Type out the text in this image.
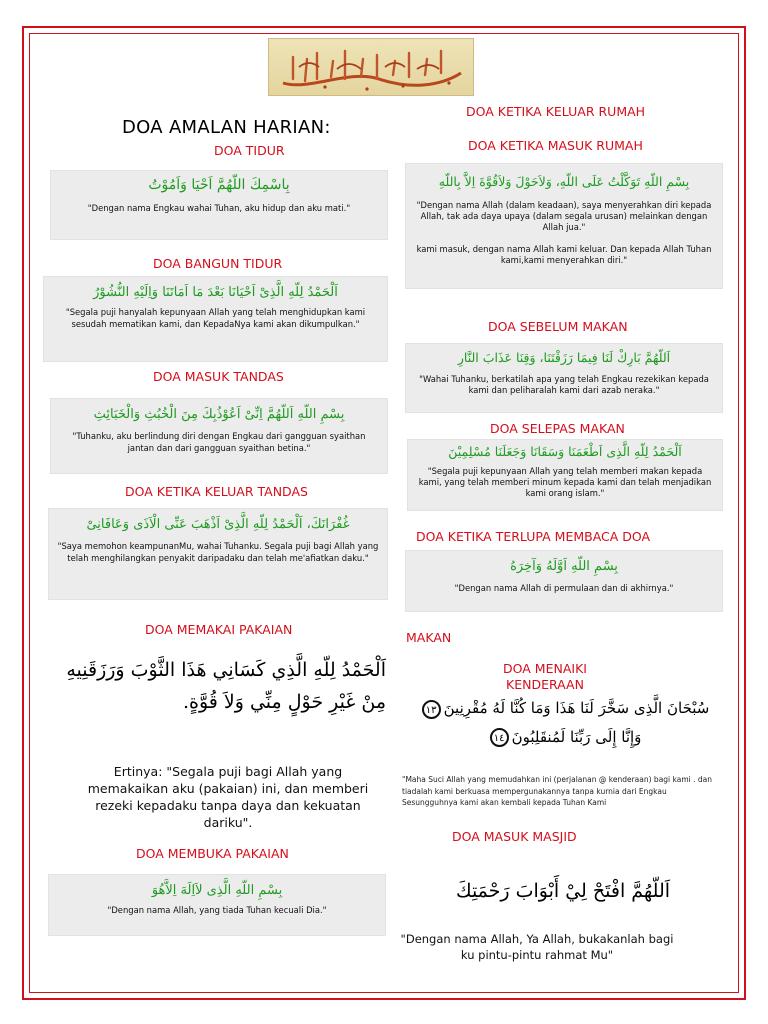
DOA AMALAN HARIAN:
DOA TIDUR
بِاسْمِكَ اللّهُمَّ اَحْيَا وَاَمُوْتُ
"Dengan nama Engkau wahai Tuhan, aku hidup dan aku mati."
DOA BANGUN TIDUR
اَلْحَمْدُ لِلّهِ الَّذِىْ اَحْيَانَا بَعْدَ مَا اَمَاتَنَا وَاِلَيْهِ النُّشُوْرُ
"Segala puji hanyalah kepunyaan Allah yang telah menghidupkan kami sesudah mematikan kami, dan KepadaNya kami akan dikumpulkan."
DOA MASUK TANDAS
بِسْمِ اللّهِ اَللّهُمَّ اِنِّىْ اَعُوْذُبِكَ مِنَ الْخُبُثِ وَالْخَبَائِثِ
"Tuhanku, aku berlindung diri dengan Engkau dari gangguan syaithan jantan dan dari gangguan syaithan betina."
DOA KETIKA KELUAR TANDAS
غُفْرَانَكَ، اَلْحَمْدُ لِلّهِ الَّذِىْ اَذْهَبَ عَنِّى الْاَذَى وَعَافَانِىْ
"Saya memohon keampunanMu, wahai Tuhanku. Segala puji bagi Allah yang telah menghilangkan penyakit daripadaku dan telah me'afiatkan daku."
DOA MEMAKAI PAKAIAN
اَلْحَمْدُ لِلّهِ الَّذِي كَسَانِي هَذَا الثَّوْبَ وَرَزَقَنِيهِ مِنْ غَيْرِ حَوْلٍ مِنِّي وَلاَ قُوَّةٍ.
Ertinya: "Segala puji bagi Allah yang memakaikan aku (pakaian) ini, dan memberi rezeki kepadaku tanpa daya dan kekuatan dariku".
DOA MEMBUKA PAKAIAN
بِسْمِ اللّهِ الَّذِى لاَاِلَهَ اِلاَّهُوَ
"Dengan nama Allah, yang tiada Tuhan kecuali Dia."
DOA KETIKA KELUAR RUMAH
DOA KETIKA MASUK RUMAH
بِسْمِ اللّهِ تَوَكَّلْتُ عَلَى اللّهِ، وَلاَحَوْلَ وَلاَقُوَّةَ اِلاَّ بِاللّهِ
"Dengan nama Allah (dalam keadaan), saya menyerahkan diri kepada Allah, tak ada daya upaya (dalam segala urusan) melainkan dengan Allah jua."
kami masuk, dengan nama Allah kami keluar. Dan kepada Allah Tuhan kami,kami menyerahkan diri."
DOA SEBELUM MAKAN
اَللّهُمَّ بَارِكْ لَنَا فِيمَا رَزَقْتَنَا، وَقِنَا عَذَابَ النَّارِ
"Wahai Tuhanku, berkatilah apa yang telah Engkau rezekikan kepada kami dan peliharalah kami dari azab neraka."
DOA SELEPAS MAKAN
اَلْحَمْدُ لِلّهِ الَّذِى اَطْعَمَنَا وَسَقَانَا وَجَعَلَنَا مُسْلِمِيْنَ
"Segala puji kepunyaan Allah yang telah memberi makan kepada kami, yang telah memberi minum kepada kami dan telah menjadikan kami orang islam."
DOA KETIKA TERLUPA MEMBACA DOA
بِسْمِ اللّهِ اَوَّلَهُ وَآخِرَهُ
"Dengan nama Allah di permulaan dan di akhirnya."
MAKAN
DOA MENAIKI KENDERAAN
سُبْحَانَ الَّذِى سَخَّرَ لَنَا هَذَا وَمَا كُنَّا لَهُ مُقْرِنِينَ١٣
وَإِنَّا إِلَى رَبِّنَا لَمُنقَلِبُونَ١٤
"Maha Suci Allah yang memudahkan ini (perjalanan @ kenderaan) bagi kami . dan tiadalah kami berkuasa mempergunakannya tanpa kurnia dari Engkau Sesungguhnya kami akan kembali kepada Tuhan Kami
DOA MASUK MASJID
اَللّهُمَّ افْتَحْ لِيْ أَبْوَابَ رَحْمَتِكَ
"Dengan nama Allah, Ya Allah, bukakanlah bagi ku pintu-pintu rahmat Mu"
